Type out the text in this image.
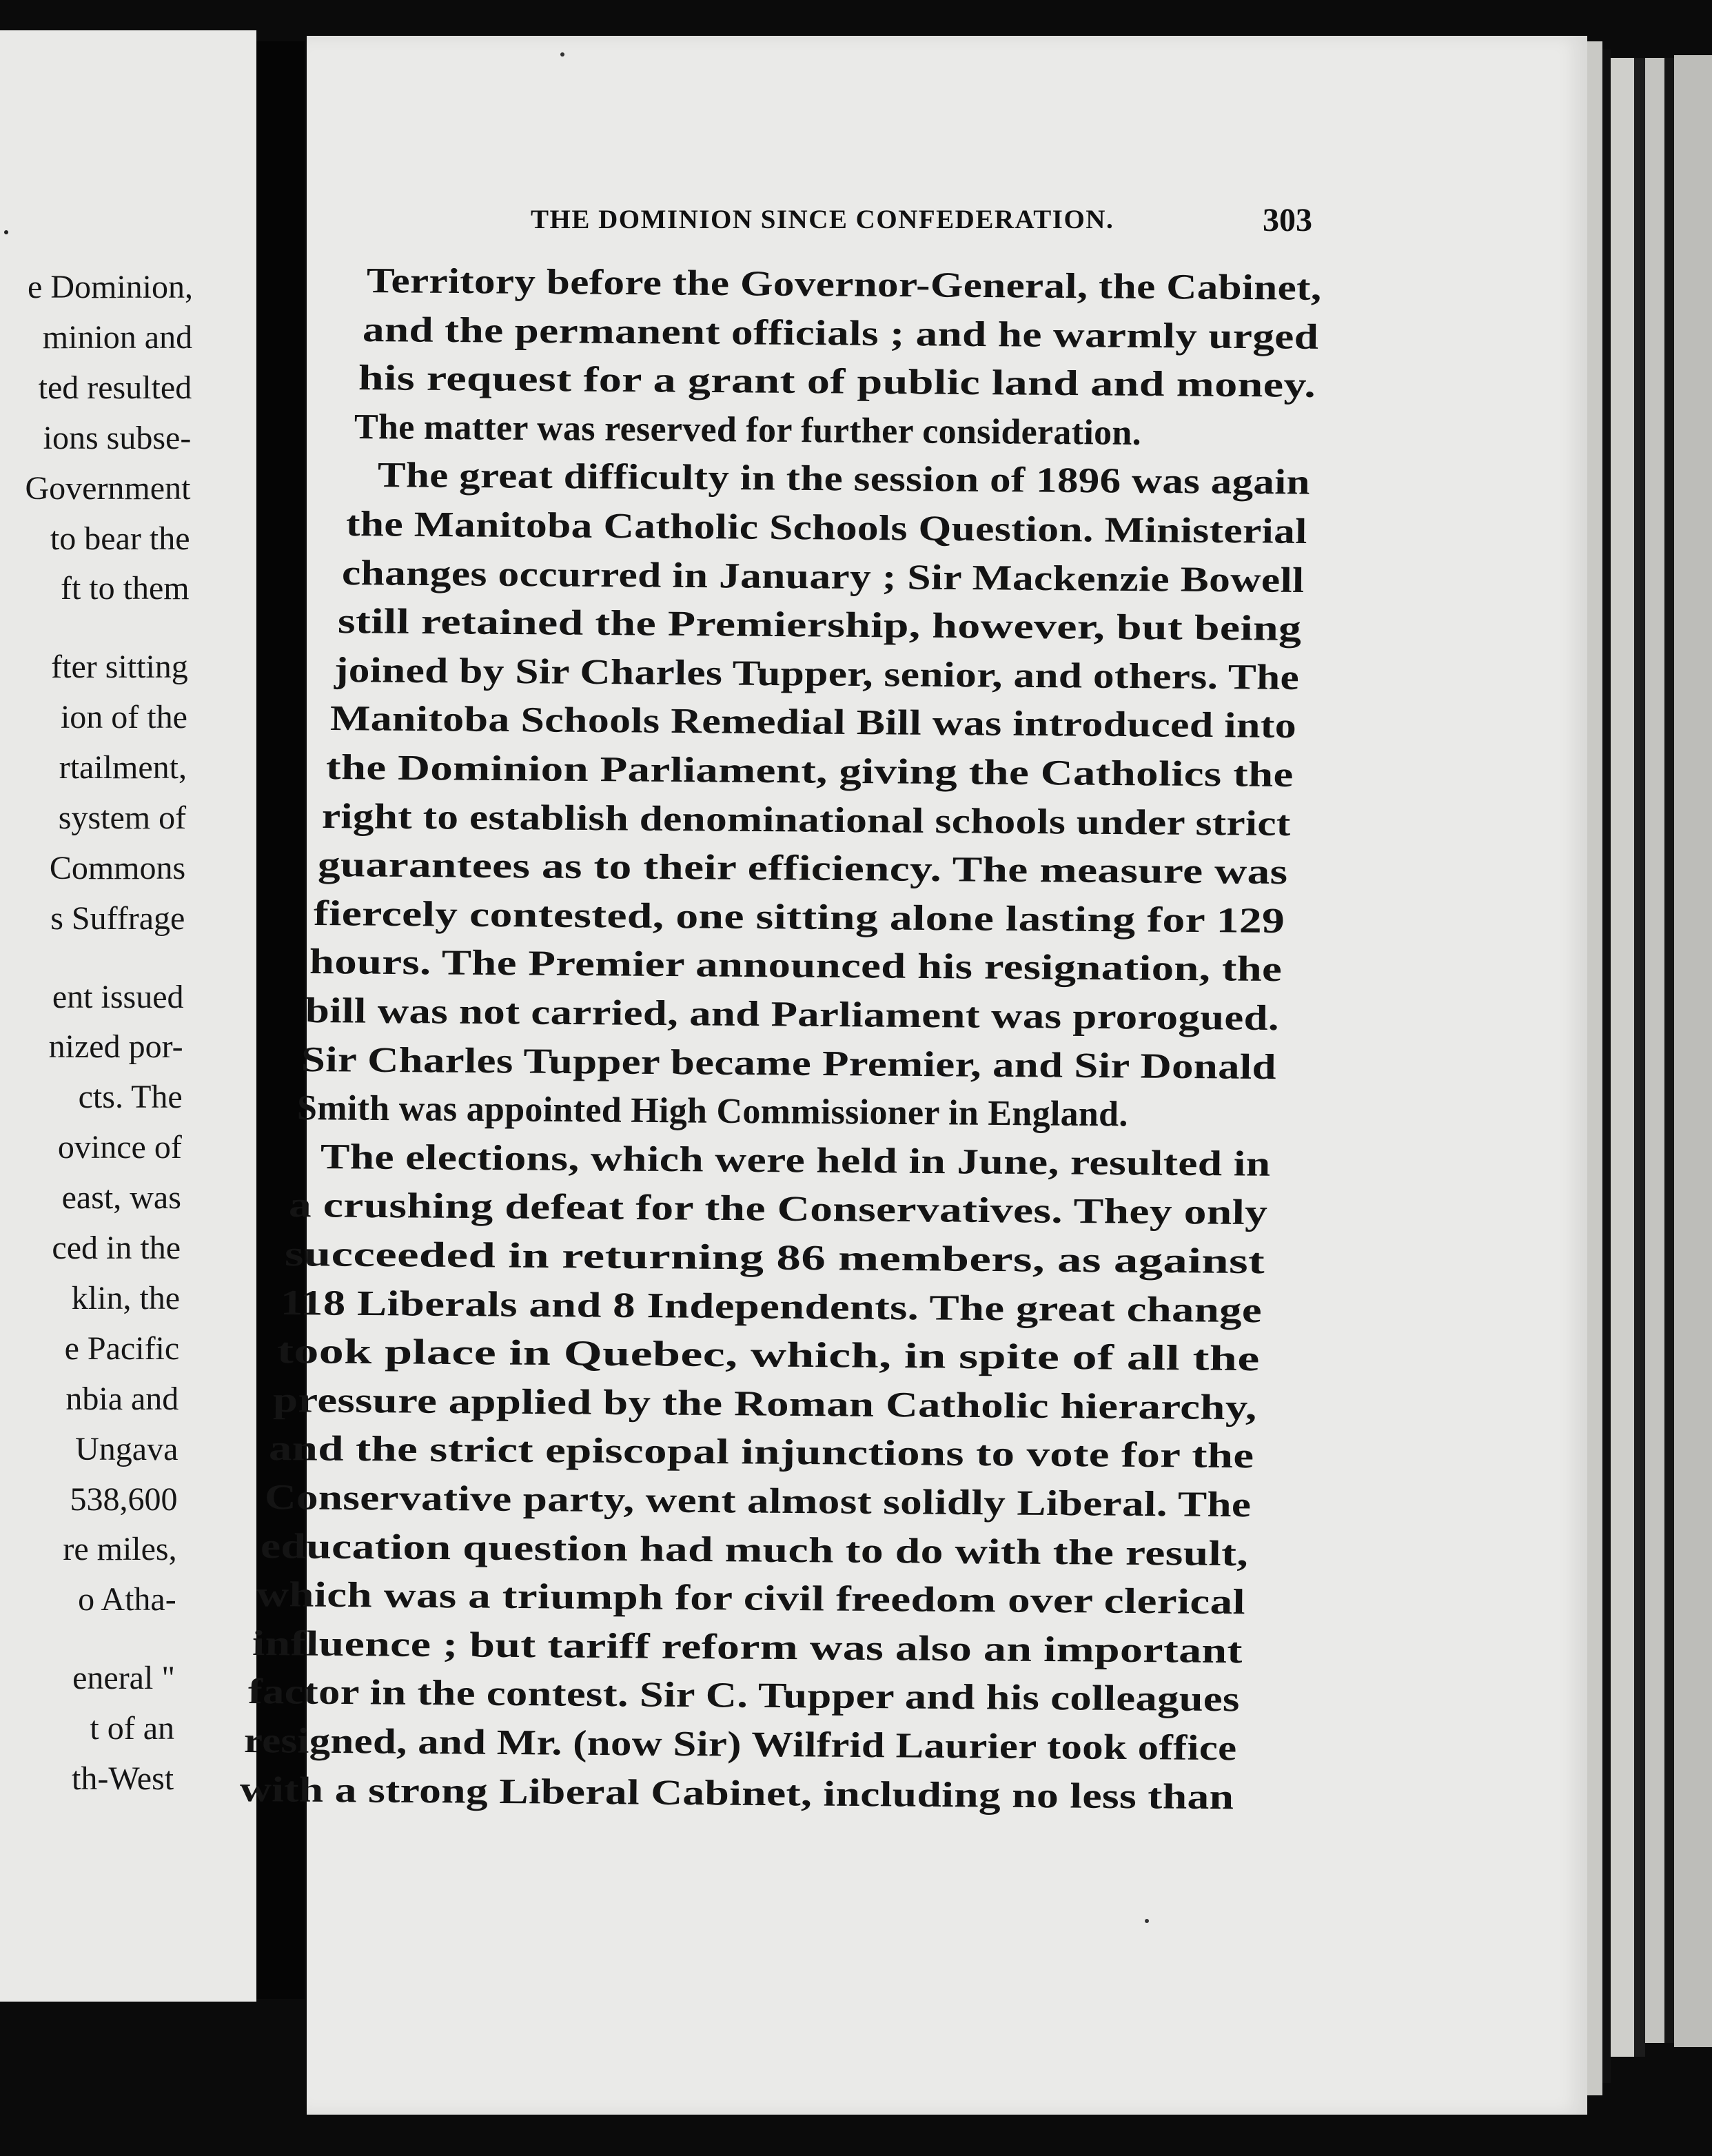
e Dominion,
minion and
ted resulted
ions subse-
Government
to bear the
ft to them
fter sitting
ion of the
rtailment,
system of
Commons
s Suffrage
ent issued
nized por-
cts. The
ovince of
east, was
ced in the
klin, the
e Pacific
nbia and
Ungava
538,600
re miles,
o Atha-
eneral "
t of an
th-West
THE DOMINION SINCE CONFEDERATION.	303
Territory before the Governor-General, the Cabinet,
and the permanent officials ; and he warmly urged
his request for a grant of public land and money.
The matter was reserved for further consideration.
The great difficulty in the session of 1896 was again
the Manitoba Catholic Schools Question. Ministerial
changes occurred in January ; Sir Mackenzie Bowell
still retained the Premiership, however, but being
joined by Sir Charles Tupper, senior, and others. The
Manitoba Schools Remedial Bill was introduced into
the Dominion Parliament, giving the Catholics the
right to establish denominational schools under strict
guarantees as to their efficiency. The measure was
fiercely contested, one sitting alone lasting for 129
hours. The Premier announced his resignation, the
bill was not carried, and Parliament was prorogued.
Sir Charles Tupper became Premier, and Sir Donald
Smith was appointed High Commissioner in England.
The elections, which were held in June, resulted in
a crushing defeat for the Conservatives. They only
succeeded in returning 86 members, as against
118 Liberals and 8 Independents. The great change
took place in Quebec, which, in spite of all the
pressure applied by the Roman Catholic hierarchy,
and the strict episcopal injunctions to vote for the
Conservative party, went almost solidly Liberal. The
education question had much to do with the result,
which was a triumph for civil freedom over clerical
influence ; but tariff reform was also an important
factor in the contest. Sir C. Tupper and his colleagues
resigned, and Mr. (now Sir) Wilfrid Laurier took office
with a strong Liberal Cabinet, including no less than
